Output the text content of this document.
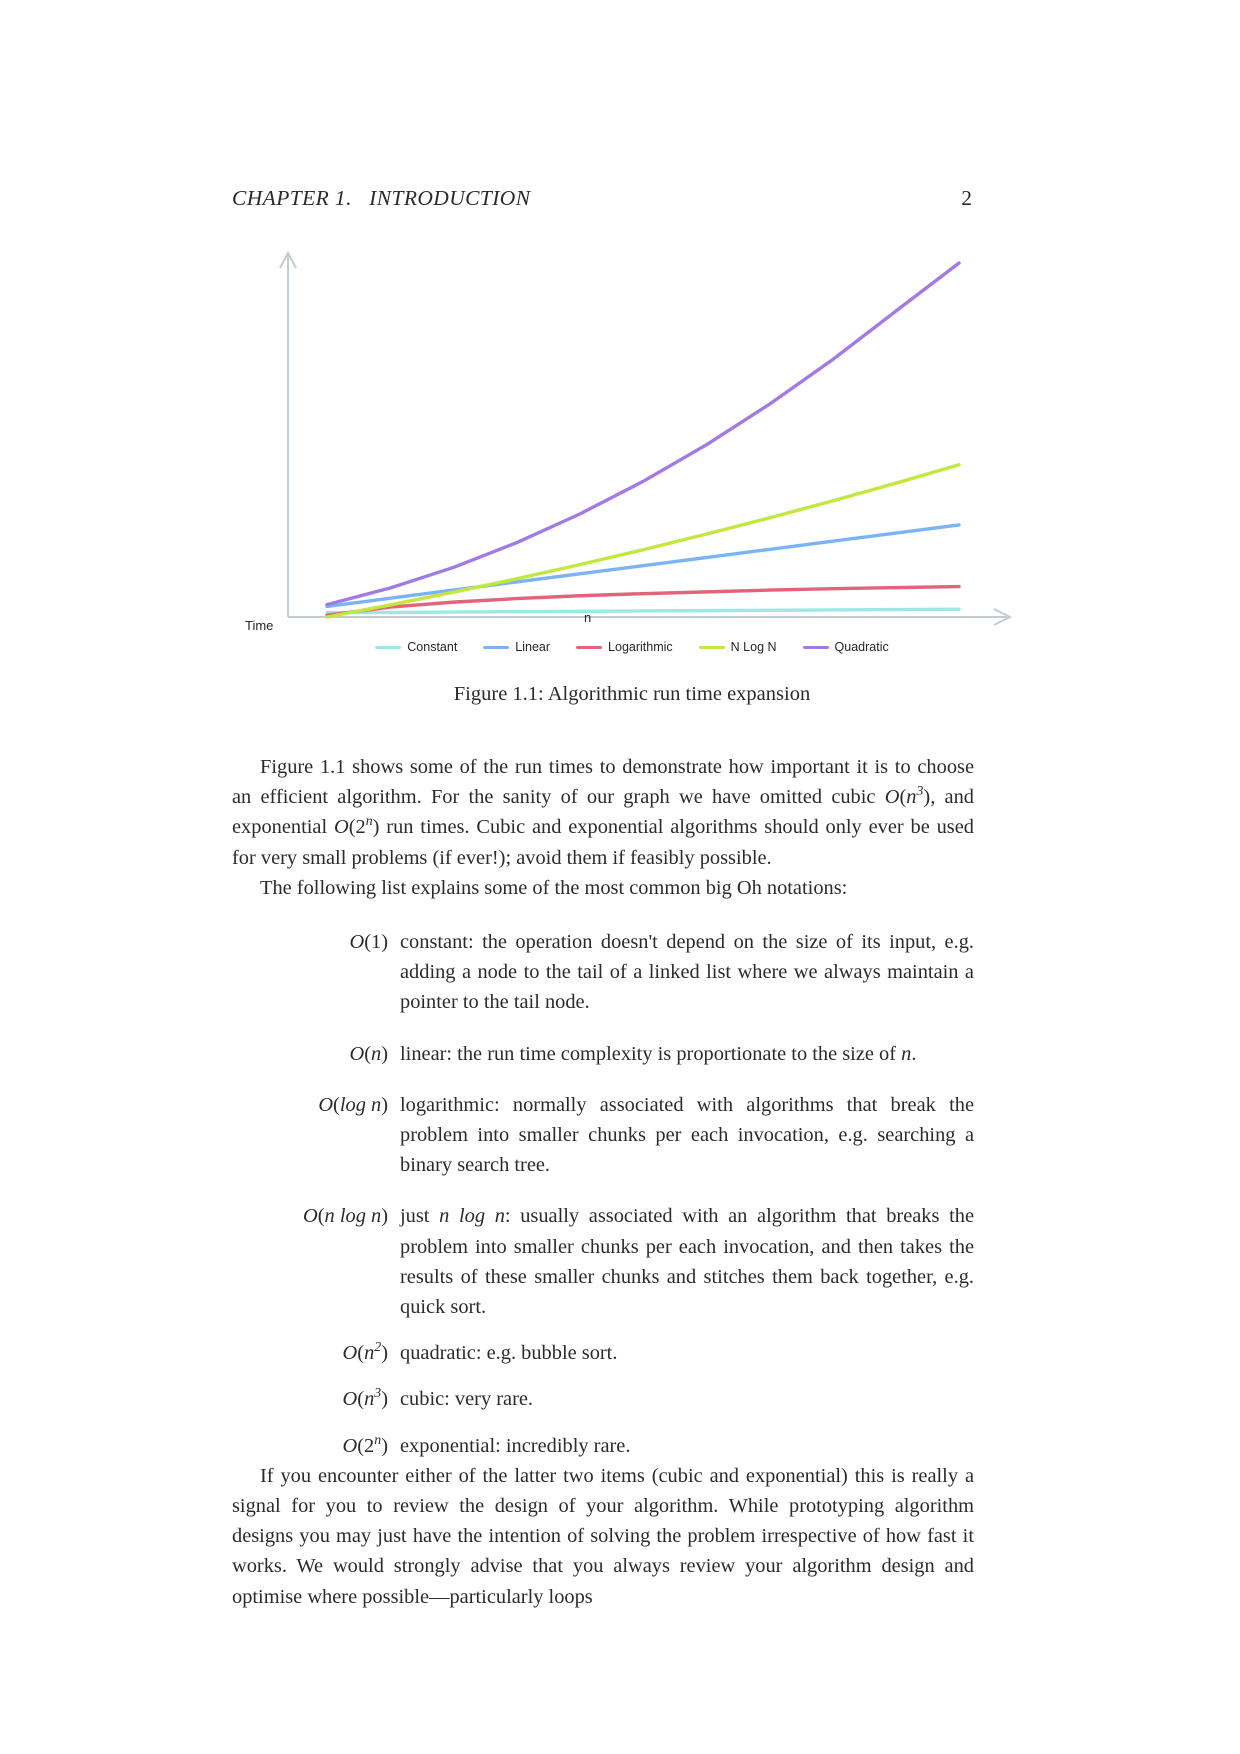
CHAPTER 1.   INTRODUCTION	2
Time
n
Constant	Linear	Logarithmic	N Log N	Quadratic
Figure 1.1: Algorithmic run time expansion

Figure 1.1 shows some of the run times to demonstrate how important it is to choose an efficient algorithm. For the sanity of our graph we have omitted cubic $O(n^3)$, and exponential O(2$^n$) run times. Cubic and exponential algorithms should only ever be used for very small problems (if ever!); avoid them if feasibly possible.

The following list explains some of the most common big Oh notations:

O(1) constant: the operation doesn't depend on the size of its input, e.g. adding a node to the tail of a linked list where we always maintain a pointer to the tail node.
O(n) linear: the run time complexity is proportionate to the size of n.
O(log n) logarithmic: normally associated with algorithms that break the problem into smaller chunks per each invocation, e.g. searching a binary search tree.
O(n log n) just n log n: usually associated with an algorithm that breaks the problem into smaller chunks per each invocation, and then takes the results of these smaller chunks and stitches them back together, e.g. quick sort.
$O(n^2)$ quadratic: e.g. bubble sort.
$O(n^3)$ cubic: very rare.
O(2$^n$) exponential: incredibly rare.

If you encounter either of the latter two items (cubic and exponential) this is really a signal for you to review the design of your algorithm. While prototyping algorithm designs you may just have the intention of solving the problem irrespective of how fast it works. We would strongly advise that you always review your algorithm design and optimise where possible—particularly loops
